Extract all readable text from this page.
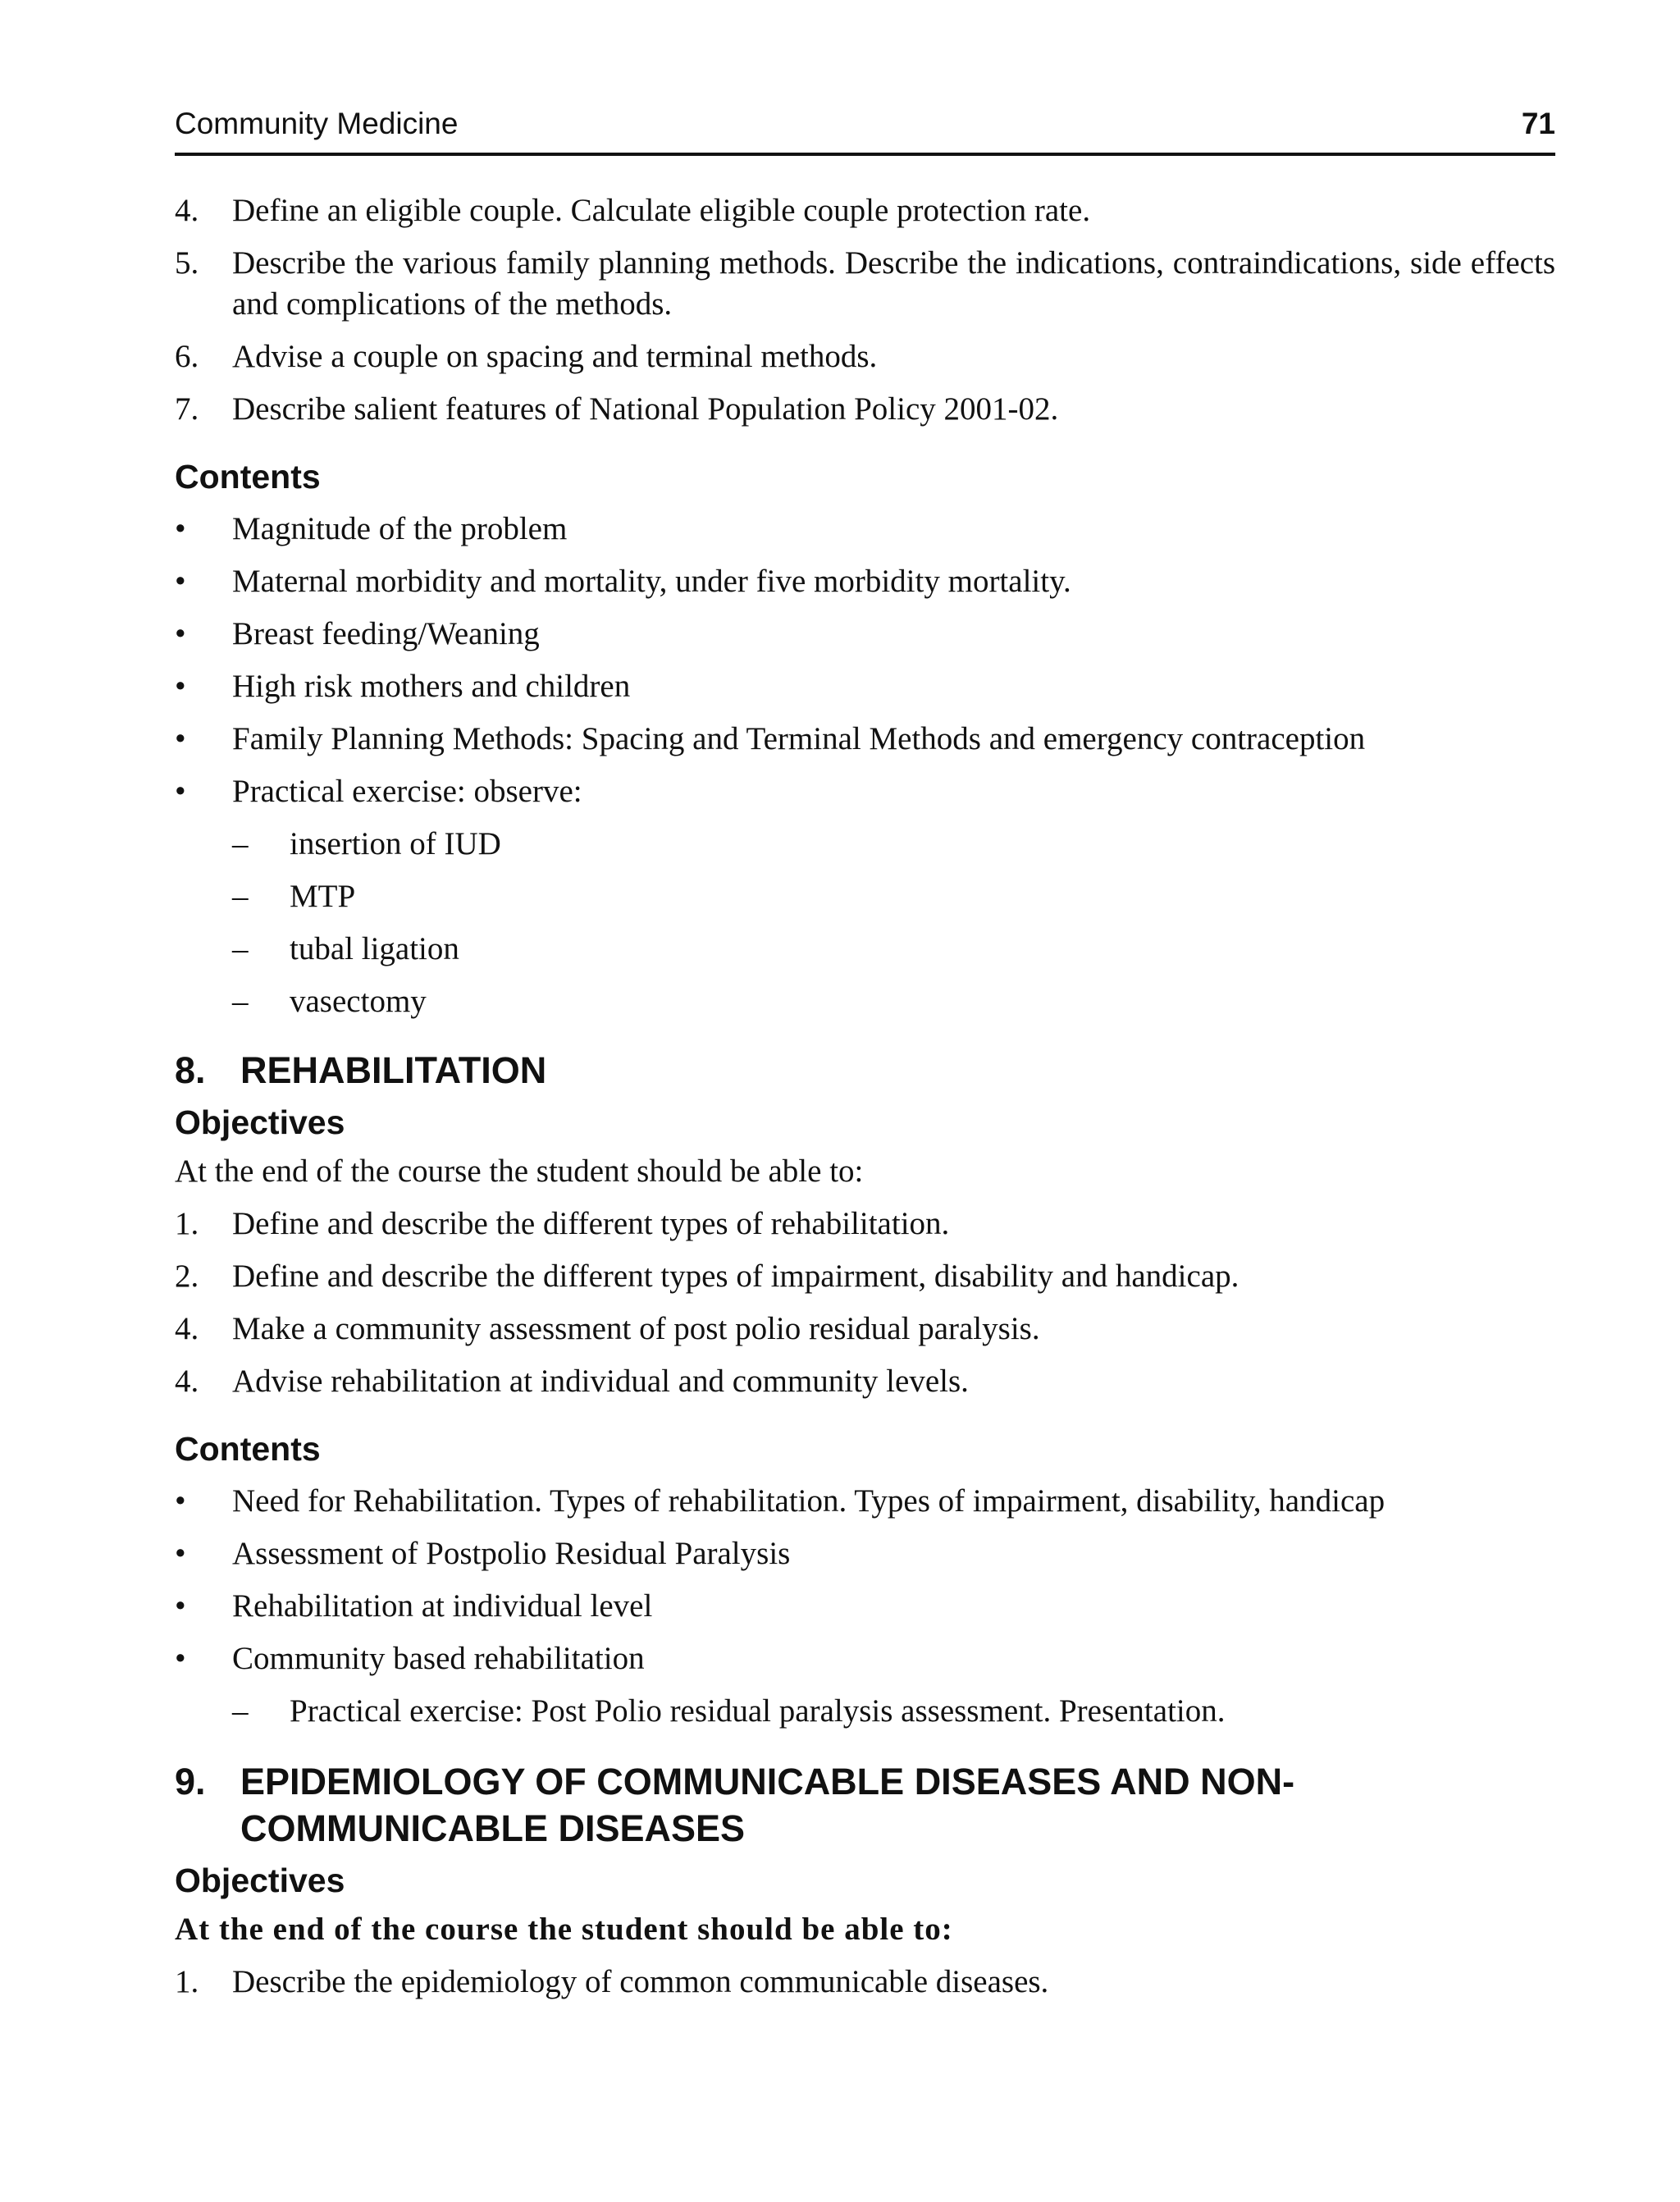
Community Medicine	71
4.	Define an eligible couple. Calculate eligible couple protection rate.
5.	Describe the various family planning methods. Describe the indications, contraindications, side effects and complications of the methods.
6.	Advise a couple on spacing and terminal methods.
7.	Describe salient features of National Population Policy 2001-02.
Contents
•	Magnitude of the problem
•	Maternal morbidity and mortality, under five morbidity mortality.
•	Breast feeding/Weaning
•	High risk mothers and children
•	Family Planning Methods: Spacing and Terminal Methods and emergency contraception
•	Practical exercise: observe:
–	insertion of IUD
–	MTP
–	tubal ligation
–	vasectomy
8. REHABILITATION
Objectives
At the end of the course the student should be able to:
1.	Define and describe the different types of rehabilitation.
2.	Define and describe the different types of impairment, disability and handicap.
4.	Make a community assessment of post polio residual paralysis.
4.	Advise rehabilitation at individual and community levels.
Contents
•	Need for Rehabilitation. Types of rehabilitation. Types of impairment, disability, handicap
•	Assessment of Postpolio Residual Paralysis
•	Rehabilitation at individual level
•	Community based rehabilitation
–	Practical exercise: Post Polio residual paralysis assessment. Presentation.
9. EPIDEMIOLOGY OF COMMUNICABLE DISEASES AND NON-COMMUNICABLE DISEASES
Objectives
At the end of the course the student should be able to:
1.	Describe the epidemiology of common communicable diseases.
